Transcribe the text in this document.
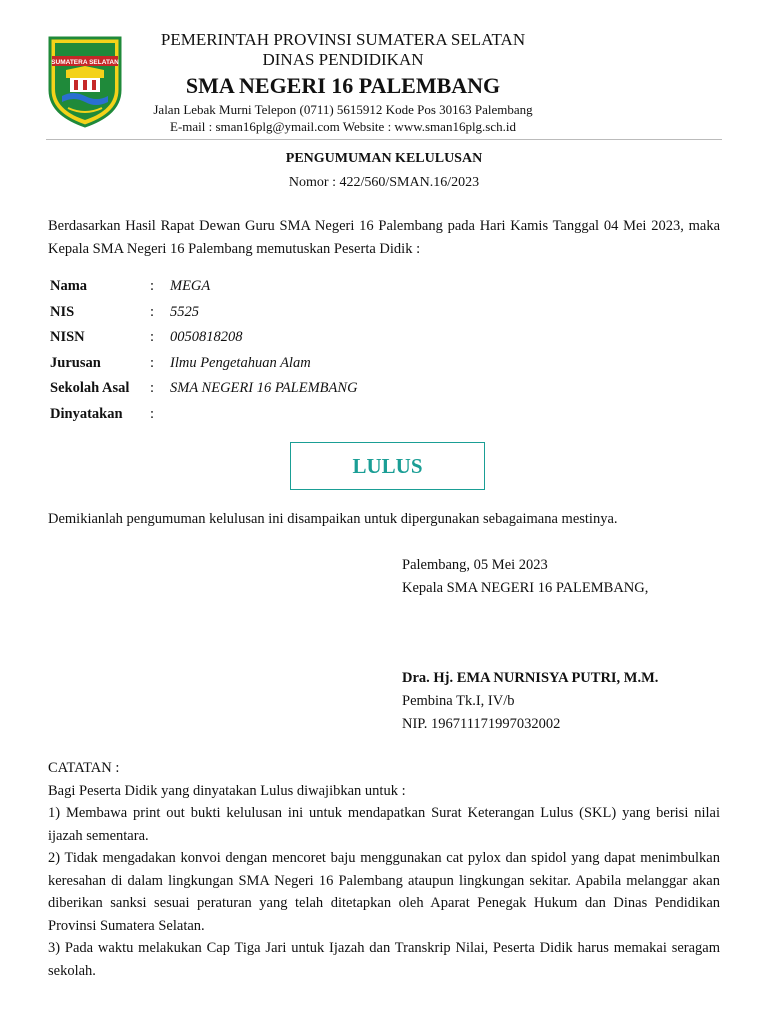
SUMATERA SELATAN
PEMERINTAH PROVINSI SUMATERA SELATAN
DINAS PENDIDIKAN
SMA NEGERI 16 PALEMBANG
Jalan Lebak Murni Telepon (0711) 5615912 Kode Pos 30163 Palembang
E-mail : sman16plg@ymail.com Website : www.sman16plg.sch.id
PENGUMUMAN KELULUSAN
Nomor : 422/560/SMAN.16/2023
Berdasarkan Hasil Rapat Dewan Guru SMA Negeri 16 Palembang pada Hari Kamis Tanggal 04 Mei 2023, maka Kepala SMA Negeri 16 Palembang memutuskan Peserta Didik :
Nama	:	MEGA
NIS	:	5525
NISN	:	0050818208
Jurusan	:	Ilmu Pengetahuan Alam
Sekolah Asal	:	SMA NEGERI 16 PALEMBANG
Dinyatakan	:
LULUS
Demikianlah pengumuman kelulusan ini disampaikan untuk dipergunakan sebagaimana mestinya.
Palembang, 05 Mei 2023
Kepala SMA NEGERI 16 PALEMBANG,
Dra. Hj. EMA NURNISYA PUTRI, M.M.
Pembina Tk.I, IV/b
NIP. 196711171997032002

CATATAN :

Bagi Peserta Didik yang dinyatakan Lulus diwajibkan untuk :

1) Membawa print out bukti kelulusan ini untuk mendapatkan Surat Keterangan Lulus (SKL) yang berisi nilai ijazah sementara.

2) Tidak mengadakan konvoi dengan mencoret baju menggunakan cat pylox dan spidol yang dapat menimbulkan keresahan di dalam lingkungan SMA Negeri 16 Palembang ataupun lingkungan sekitar. Apabila melanggar akan diberikan sanksi sesuai peraturan yang telah ditetapkan oleh Aparat Penegak Hukum dan Dinas Pendidikan Provinsi Sumatera Selatan.

3) Pada waktu melakukan Cap Tiga Jari untuk Ijazah dan Transkrip Nilai, Peserta Didik harus memakai seragam sekolah.
